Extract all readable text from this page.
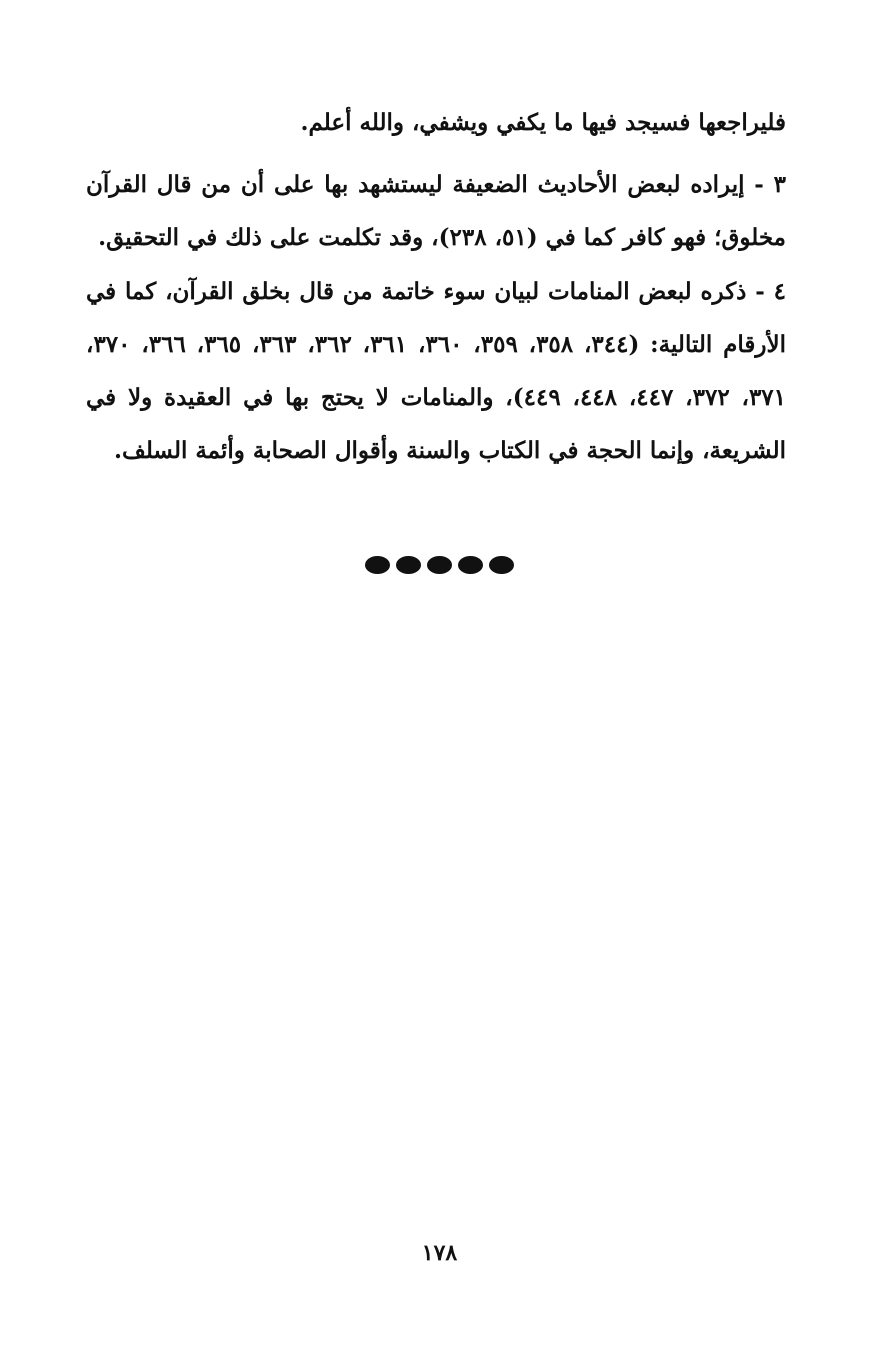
فليراجعها فسيجد فيها ما يكفي ويشفي، والله أعلم.

٣ - إيراده لبعض الأحاديث الضعيفة ليستشهد بها على أن من قال القرآن مخلوق؛ فهو كافر كما في (٥١، ٢٣٨)، وقد تكلمت على ذلك في التحقيق.

٤ - ذكره لبعض المنامات لبيان سوء خاتمة من قال بخلق القرآن، كما في الأرقام التالية: (٣٤٤، ٣٥٨، ٣٥٩، ٣٦٠، ٣٦١، ٣٦٢، ٣٦٣، ٣٦٥، ٣٦٦، ٣٧٠، ٣٧١، ٣٧٢، ٤٤٧، ٤٤٨، ٤٤٩)، والمنامات لا يحتج بها في العقيدة ولا في الشريعة، وإنما الحجة في الكتاب والسنة وأقوال الصحابة وأئمة السلف.

١٧٨
